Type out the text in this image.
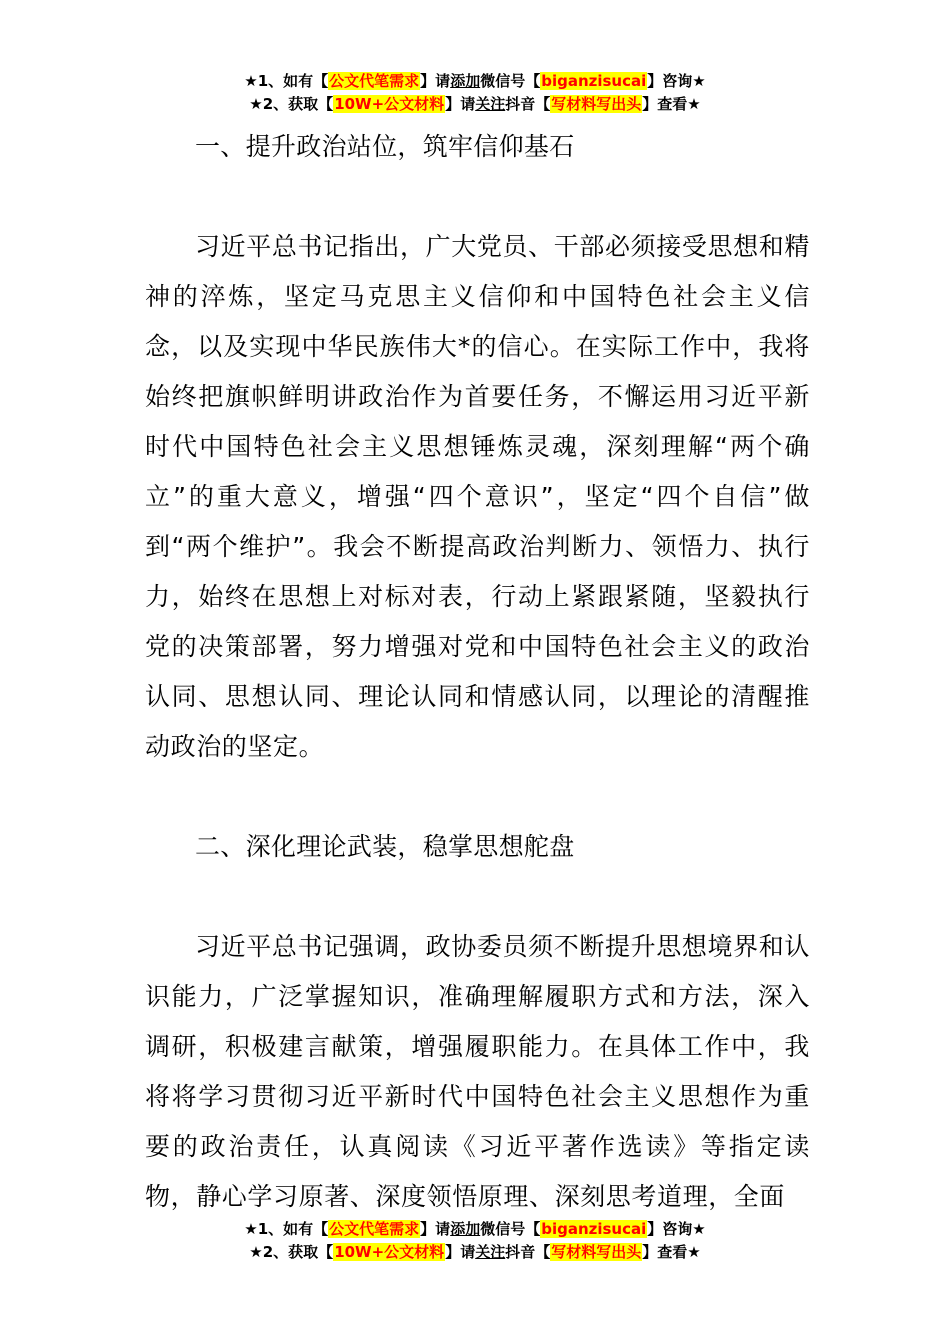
★1、如有【公文代笔需求】请添加微信号【biganzisucai】咨询★
★2、获取【10W+公文材料】请关注抖音【写材料写出头】查看★

一、提升政治站位，筑牢信仰基石

习近平总书记指出，广大党员、干部必须接受思想和精神的淬炼，坚定马克思主义信仰和中国特色社会主义信念，以及实现中华民族伟大*的信心。在实际工作中，我将始终把旗帜鲜明讲政治作为首要任务，不懈运用习近平新时代中国特色社会主义思想锤炼灵魂，深刻理解“两个确立”的重大意义，增强“四个意识”，坚定“四个自信”做到“两个维护”。我会不断提高政治判断力、领悟力、执行力，始终在思想上对标对表，行动上紧跟紧随，坚毅执行党的决策部署，努力增强对党和中国特色社会主义的政治认同、思想认同、理论认同和情感认同，以理论的清醒推动政治的坚定。

二、深化理论武装，稳掌思想舵盘

习近平总书记强调，政协委员须不断提升思想境界和认识能力，广泛掌握知识，准确理解履职方式和方法，深入调研，积极建言献策，增强履职能力。在具体工作中，我将将学习贯彻习近平新时代中国特色社会主义思想作为重要的政治责任，认真阅读《习近平著作选读》等指定读物，静心学习原著、深度领悟原理、深刻思考道理，全面

★1、如有【公文代笔需求】请添加微信号【biganzisucai】咨询★
★2、获取【10W+公文材料】请关注抖音【写材料写出头】查看★
